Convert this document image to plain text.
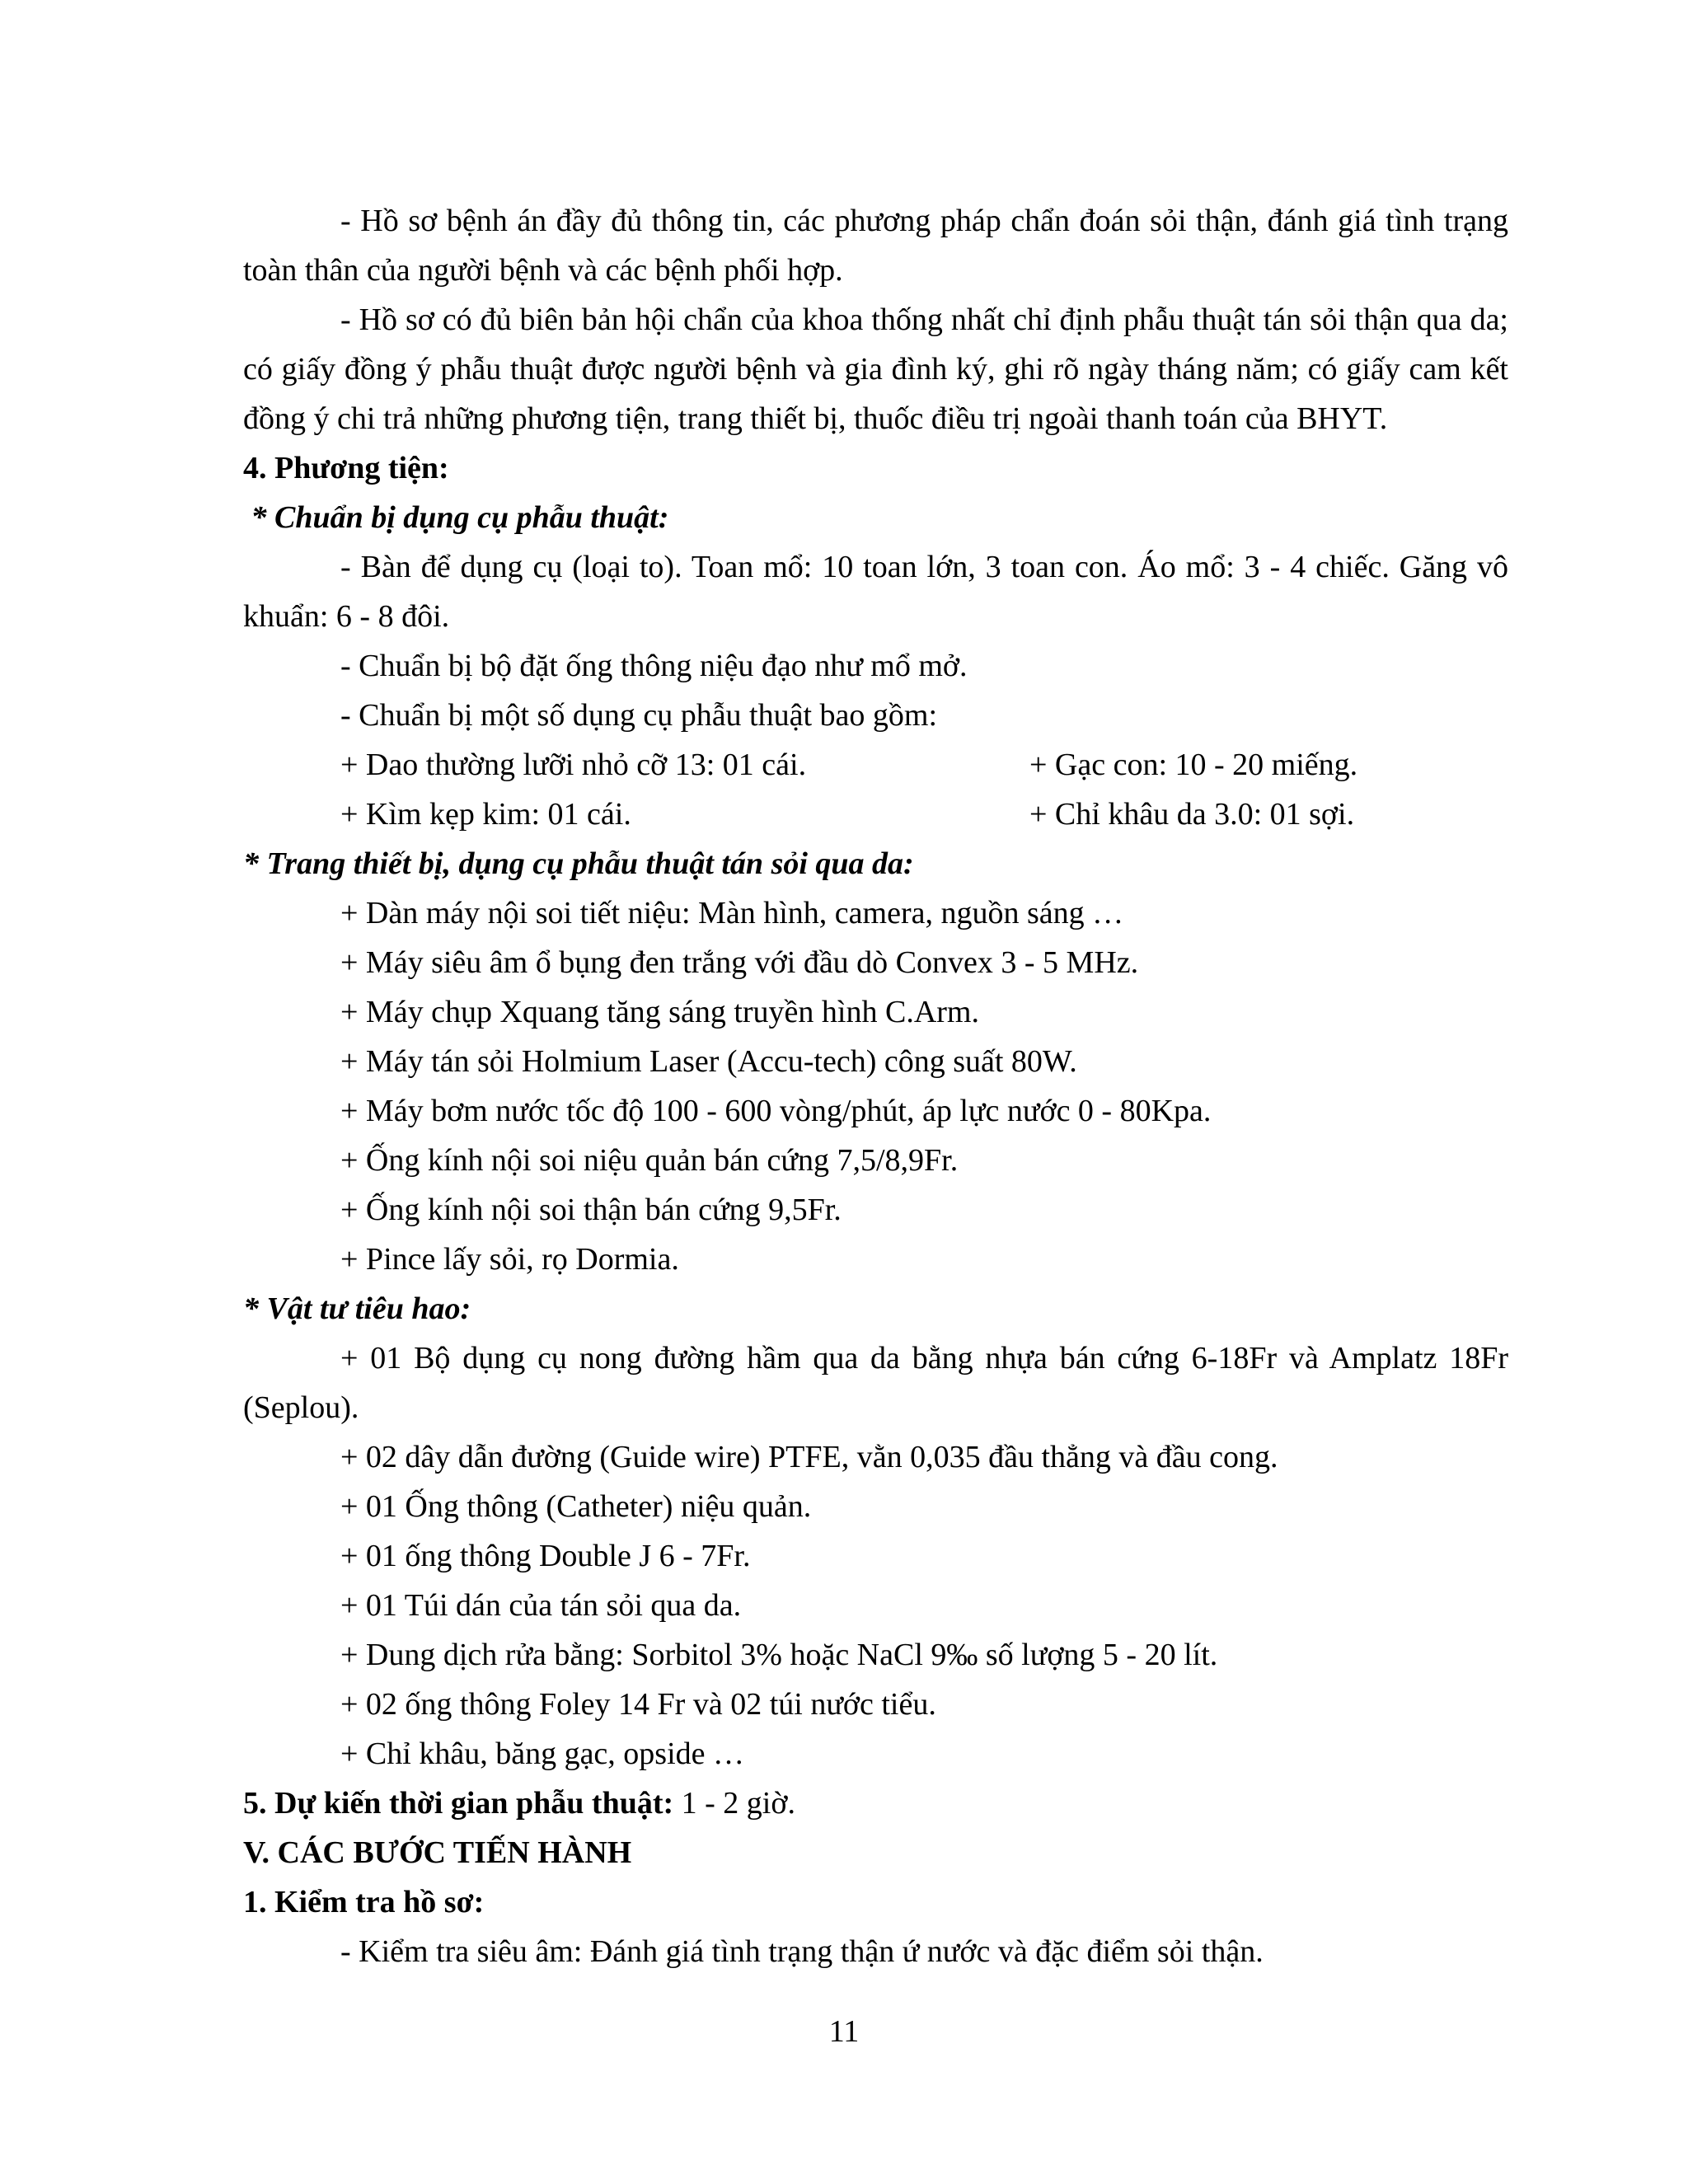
- Hồ sơ bệnh án đầy đủ thông tin, các phương pháp chẩn đoán sỏi thận, đánh giá tình trạng toàn thân của người bệnh và các bệnh phối hợp.

- Hồ sơ có đủ biên bản hội chẩn của khoa thống nhất chỉ định phẫu thuật tán sỏi thận qua da; có giấy đồng ý phẫu thuật được người bệnh và gia đình ký, ghi rõ ngày tháng năm; có giấy cam kết đồng ý chi trả những phương tiện, trang thiết bị, thuốc điều trị ngoài thanh toán của BHYT.

4. Phương tiện:

* Chuẩn bị dụng cụ phẫu thuật:

- Bàn để dụng cụ (loại to). Toan mổ: 10 toan lớn, 3 toan con. Áo mổ: 3 - 4 chiếc. Găng vô khuẩn: 6 - 8 đôi.

- Chuẩn bị bộ đặt ống thông niệu đạo như mổ mở.

- Chuẩn bị một số dụng cụ phẫu thuật bao gồm:

+ Dao thường lưỡi nhỏ cỡ 13: 01 cái.	+ Gạc con: 10 - 20 miếng.
+ Kìm kẹp kim: 01 cái.	+ Chỉ khâu da 3.0: 01 sợi.

* Trang thiết bị, dụng cụ phẫu thuật tán sỏi qua da:

+ Dàn máy nội soi tiết niệu: Màn hình, camera, nguồn sáng …

+ Máy siêu âm ổ bụng đen trắng với đầu dò Convex 3 - 5 MHz.

+ Máy chụp Xquang tăng sáng truyền hình C.Arm.

+ Máy tán sỏi Holmium Laser (Accu-tech) công suất 80W.

+ Máy bơm nước tốc độ 100 - 600 vòng/phút, áp lực nước 0 - 80Kpa.

+ Ống kính nội soi niệu quản bán cứng 7,5/8,9Fr.

+ Ống kính nội soi thận bán cứng 9,5Fr.

+ Pince lấy sỏi, rọ Dormia.

* Vật tư tiêu hao:

+ 01 Bộ dụng cụ nong đường hầm qua da bằng nhựa bán cứng 6-18Fr và Amplatz 18Fr (Seplou).

+ 02 dây dẫn đường (Guide wire) PTFE, vằn 0,035 đầu thẳng và đầu cong.

+ 01 Ống thông (Catheter) niệu quản.

+ 01 ống thông Double J 6 - 7Fr.

+ 01 Túi dán của tán sỏi qua da.

+ Dung dịch rửa bằng: Sorbitol 3% hoặc NaCl 9‰ số lượng 5 - 20 lít.

+ 02 ống thông Foley 14 Fr và 02 túi nước tiểu.

+ Chỉ khâu, băng gạc, opside …

5. Dự kiến thời gian phẫu thuật: 1 - 2 giờ.

V. CÁC BƯỚC TIẾN HÀNH

1. Kiểm tra hồ sơ:

- Kiểm tra siêu âm: Đánh giá tình trạng thận ứ nước và đặc điểm sỏi thận.

11
